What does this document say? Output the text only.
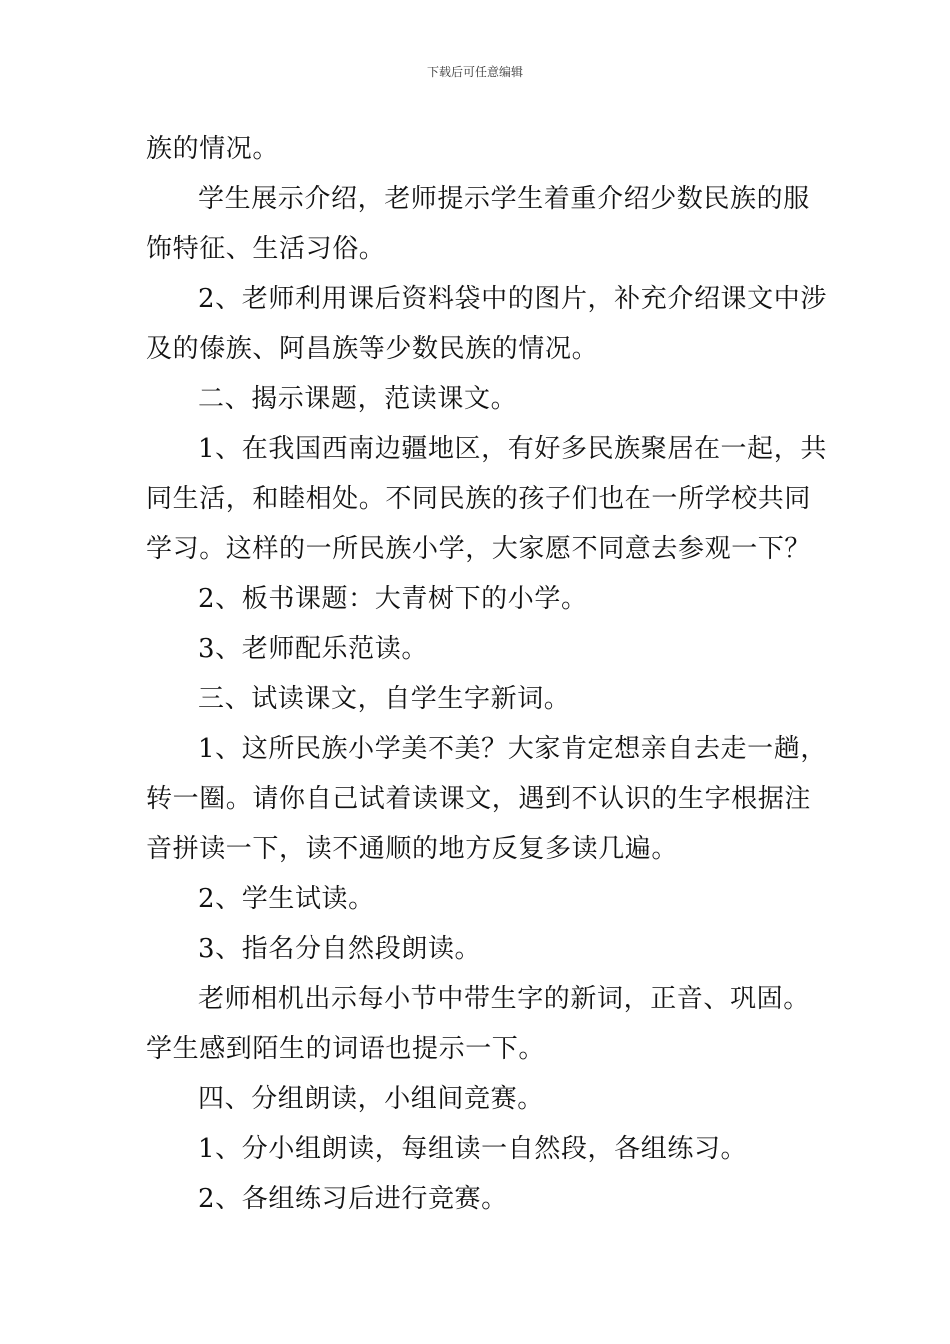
下载后可任意编辑
族的情况。
学生展示介绍，老师提示学生着重介绍少数民族的服
饰特征、生活习俗。
2、老师利用课后资料袋中的图片，补充介绍课文中涉
及的傣族、阿昌族等少数民族的情况。
二、揭示课题，范读课文。
1、在我国西南边疆地区，有好多民族聚居在一起，共
同生活，和睦相处。不同民族的孩子们也在一所学校共同
学习。这样的一所民族小学，大家愿不同意去参观一下？
2、板书课题：大青树下的小学。
3、老师配乐范读。
三、试读课文，自学生字新词。
1、这所民族小学美不美？大家肯定想亲自去走一趟，
转一圈。请你自己试着读课文，遇到不认识的生字根据注
音拼读一下，读不通顺的地方反复多读几遍。
2、学生试读。
3、指名分自然段朗读。
老师相机出示每小节中带生字的新词，正音、巩固。
学生感到陌生的词语也提示一下。
四、分组朗读，小组间竞赛。
1、分小组朗读，每组读一自然段，各组练习。
2、各组练习后进行竞赛。
